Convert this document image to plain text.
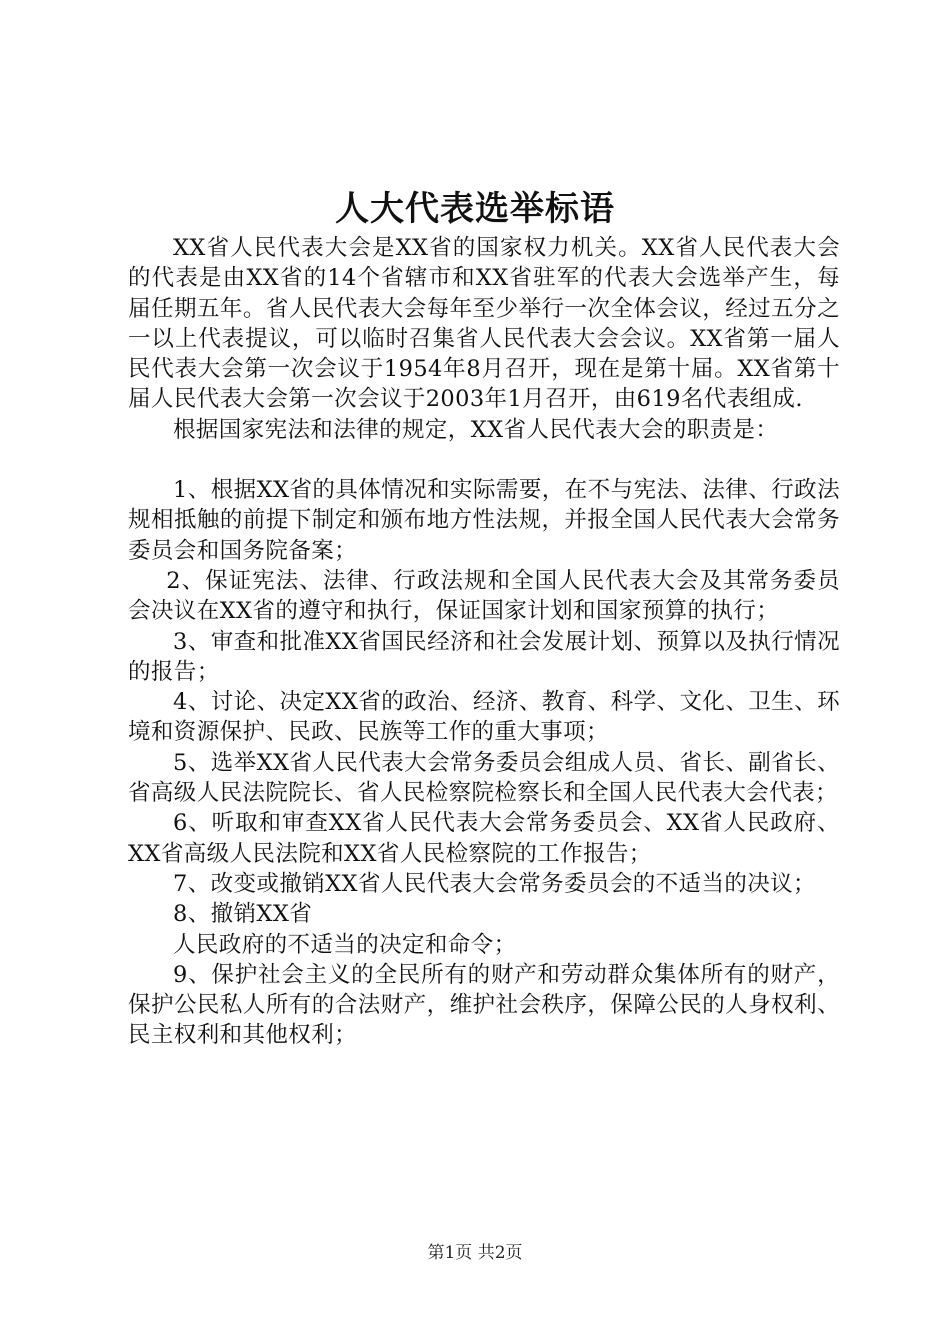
人大代表选举标语

XX省人民代表大会是XX省的国家权力机关。XX省人民代表大会的代表是由XX省的14个省辖市和XX省驻军的代表大会选举产生，每届任期五年。省人民代表大会每年至少举行一次全体会议，经过五分之一以上代表提议，可以临时召集省人民代表大会会议。XX省第一届人民代表大会第一次会议于1954年8月召开，现在是第十届。XX省第十届人民代表大会第一次会议于2003年1月召开，由619名代表组成.

根据国家宪法和法律的规定，XX省人民代表大会的职责是：

1、根据XX省的具体情况和实际需要，在不与宪法、法律、行政法规相抵触的前提下制定和颁布地方性法规，并报全国人民代表大会常务委员会和国务院备案；

2、保证宪法、法律、行政法规和全国人民代表大会及其常务委员会决议在XX省的遵守和执行，保证国家计划和国家预算的执行；

3、审查和批准XX省国民经济和社会发展计划、预算以及执行情况的报告；

4、讨论、决定XX省的政治、经济、教育、科学、文化、卫生、环境和资源保护、民政、民族等工作的重大事项；

5、选举XX省人民代表大会常务委员会组成人员、省长、副省长、省高级人民法院院长、省人民检察院检察长和全国人民代表大会代表；

6、听取和审查XX省人民代表大会常务委员会、XX省人民政府、XX省高级人民法院和XX省人民检察院的工作报告；

7、改变或撤销XX省人民代表大会常务委员会的不适当的决议；

8、撤销XX省

人民政府的不适当的决定和命令；

9、保护社会主义的全民所有的财产和劳动群众集体所有的财产，保护公民私人所有的合法财产，维护社会秩序，保障公民的人身权利、民主权利和其他权利；

第1页 共2页
